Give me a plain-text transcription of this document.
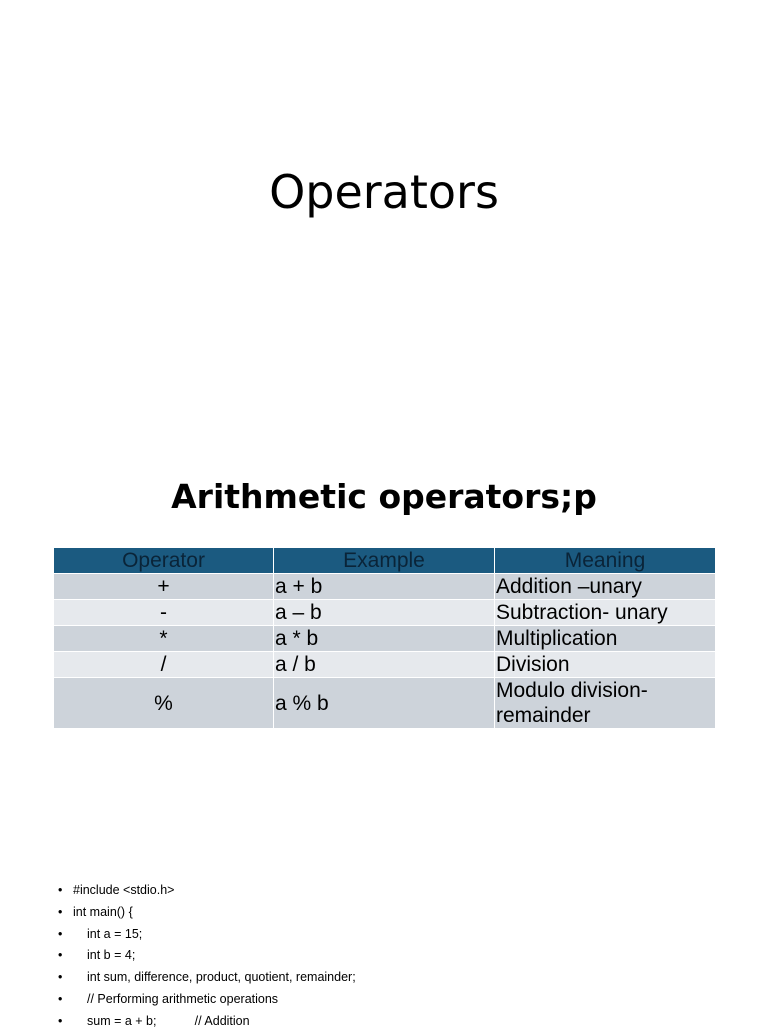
Operators
Arithmetic operators;p
Operator	Example	Meaning
+	a + b	Addition –unary
-	a – b	Subtraction- unary
*	a * b	Multiplication
/	a / b	Division
%	a % b	Modulo division-remainder
• #include <stdio.h>
• int main() {
• int a = 15;
• int b = 4;
• int sum, difference, product, quotient, remainder;
• // Performing arithmetic operations
• sum = a + b;           // Addition
